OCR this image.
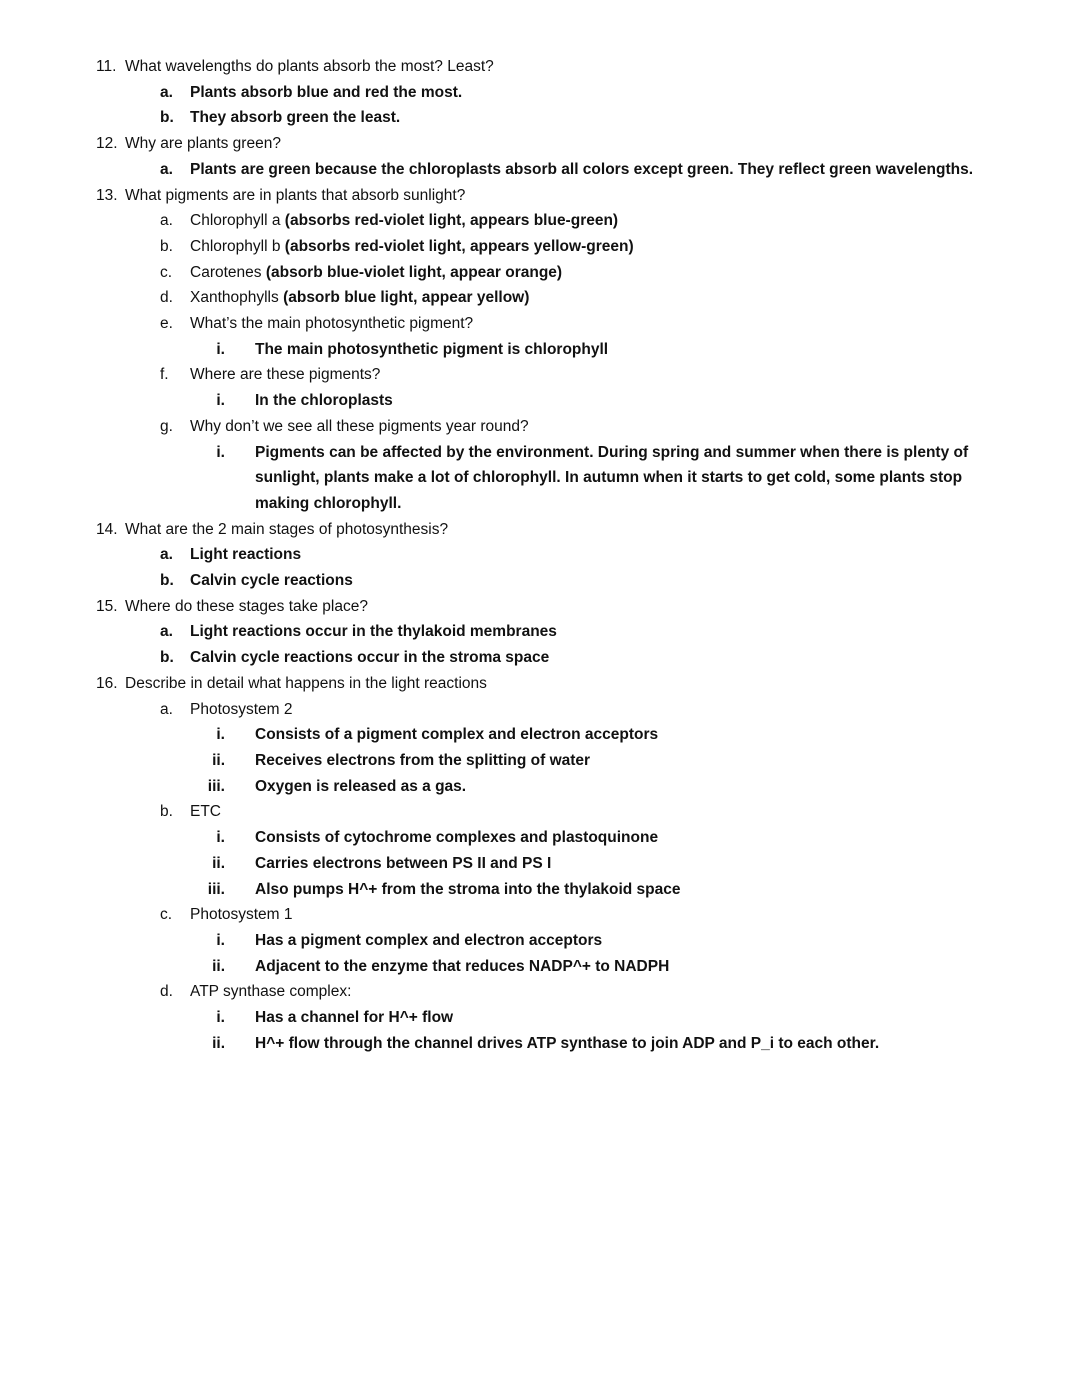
11. What wavelengths do plants absorb the most? Least?
a.	Plants absorb blue and red the most.
b.	They absorb green the least.
12. Why are plants green?
a.	Plants are green because the chloroplasts absorb all colors except green. They reflect green wavelengths.
13. What pigments are in plants that absorb sunlight?
a.	Chlorophyll a (absorbs red-violet light, appears blue-green)
b.	Chlorophyll b (absorbs red-violet light, appears yellow-green)
c.	Carotenes (absorb blue-violet light, appear orange)
d.	Xanthophylls (absorb blue light, appear yellow)
e.	What’s the main photosynthetic pigment?
i. The main photosynthetic pigment is chlorophyll
f.	Where are these pigments?
i. In the chloroplasts
g.	Why don’t we see all these pigments year round?
i. Pigments can be affected by the environment. During spring and summer when there is plenty of sunlight, plants make a lot of chlorophyll. In autumn when it starts to get cold, some plants stop making chlorophyll.
14. What are the 2 main stages of photosynthesis?
a.	Light reactions
b.	Calvin cycle reactions
15. Where do these stages take place?
a.	Light reactions occur in the thylakoid membranes
b.	Calvin cycle reactions occur in the stroma space
16. Describe in detail what happens in the light reactions
a.	Photosystem 2
i. Consists of a pigment complex and electron acceptors
ii. Receives electrons from the splitting of water
iii. Oxygen is released as a gas.
b.	ETC
i. Consists of cytochrome complexes and plastoquinone
ii. Carries electrons between PS II and PS I
iii. Also pumps H^+ from the stroma into the thylakoid space
c.	Photosystem 1
i. Has a pigment complex and electron acceptors
ii. Adjacent to the enzyme that reduces NADP^+ to NADPH
d.	ATP synthase complex:
i. Has a channel for H^+ flow
ii. H^+ flow through the channel drives ATP synthase to join ADP and P_i to each other.
